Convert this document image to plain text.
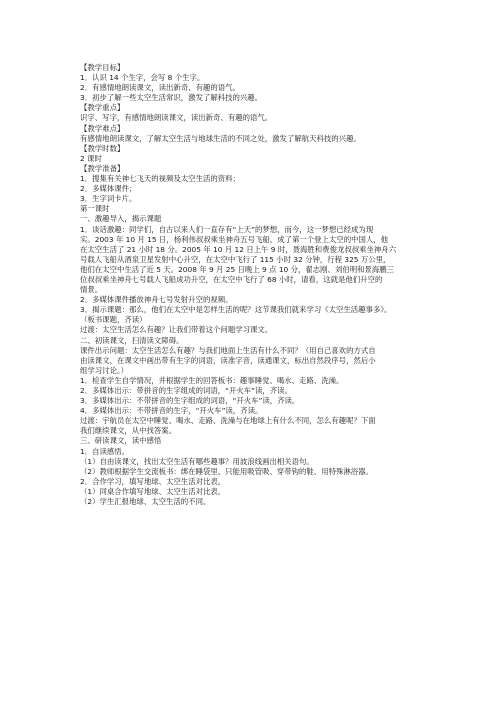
【教学目标】
1．认识 14 个生字，会写 8 个生字。
2．有感情地朗读课文，读出新奇、有趣的语气。
3．初步了解一些太空生活常识，激发了解科技的兴趣。
【教学重点】
识字、写字，有感情地朗读课文，读出新奇、有趣的语气。
【教学难点】
有感情地朗读课文，了解太空生活与地球生活的不同之处，激发了解航天科技的兴趣。
【教学时数】
2 课时
【教学准备】
1．搜集有关神七飞天的视频及太空生活的资料；
2．多媒体课件；
3．生字词卡片。
第一课时
一、激趣导入，揭示课题
1．谈话激趣：同学们，自古以来人们一直存有“上天”的梦想，而今，这一梦想已经成为现
实。2003 年 10 月 15 日，杨利伟叔叔乘坐神舟五号飞船，成了第一个登上太空的中国人，他
在太空生活了 21 小时 18 分。2005 年 10 月 12 日上午 9 时，聂海胜和费俊龙叔叔乘坐神舟六
号载人飞船从酒泉卫星发射中心升空，在太空中飞行了 115 小时 32 分钟，行程 325 万公里，
他们在太空中生活了近 5 天。2008 年 9 月 25 日晚上 9 点 10 分，翟志刚、刘伯明和景海鹏三
位叔叔乘坐神舟七号载人飞船成功升空，在太空中飞行了 68 小时，请看，这就是他们升空的
情景。
2．多媒体课件播放神舟七号发射升空的视频。
3．揭示课题：那么，他们在太空中是怎样生活的呢？这节课我们就来学习《太空生活趣事多》。
（板书课题，齐读）
过渡：太空生活怎么有趣？让我们带着这个问题学习课文。
二、初读课文，扫清读文障碍。
课件出示问题：太空生活怎么有趣？与我们地面上生活有什么不同？（用自己喜欢的方式自
由读课文，在课文中画出带有生字的词语，读准字音，读通课文，标出自然段序号，然后小
组学习讨论。）
1．检查学生自学情况，并根据学生的回答板书：趣事睡觉、喝水、走路、洗澡。
2．多媒体出示：带拼音的生字组成的词语，“开火车”读，齐读。
3．多媒体出示：不带拼音的生字组成的词语，“开火车”读，齐读。
4．多媒体出示：不带拼音的生字，“开火车”读，齐读。
过渡：宇航员在太空中睡觉、喝水、走路、洗澡与在地球上有什么不同，怎么有趣呢？下面
我们继续课文，从中找答案。
三、研读课文，读中感悟
1．自读感悟。
（1）自由读课文，找出太空生活有哪些趣事？用波浪线画出相关语句。
（2）教师根据学生交流板书：绑在睡袋里、只能用吸管吸、穿带钩的鞋、用特殊淋浴器。
2．合作学习，填写地球、太空生活对比表。
（1）同桌合作填写地球、太空生活对比表。
（2）学生汇报地球、太空生活的不同。
